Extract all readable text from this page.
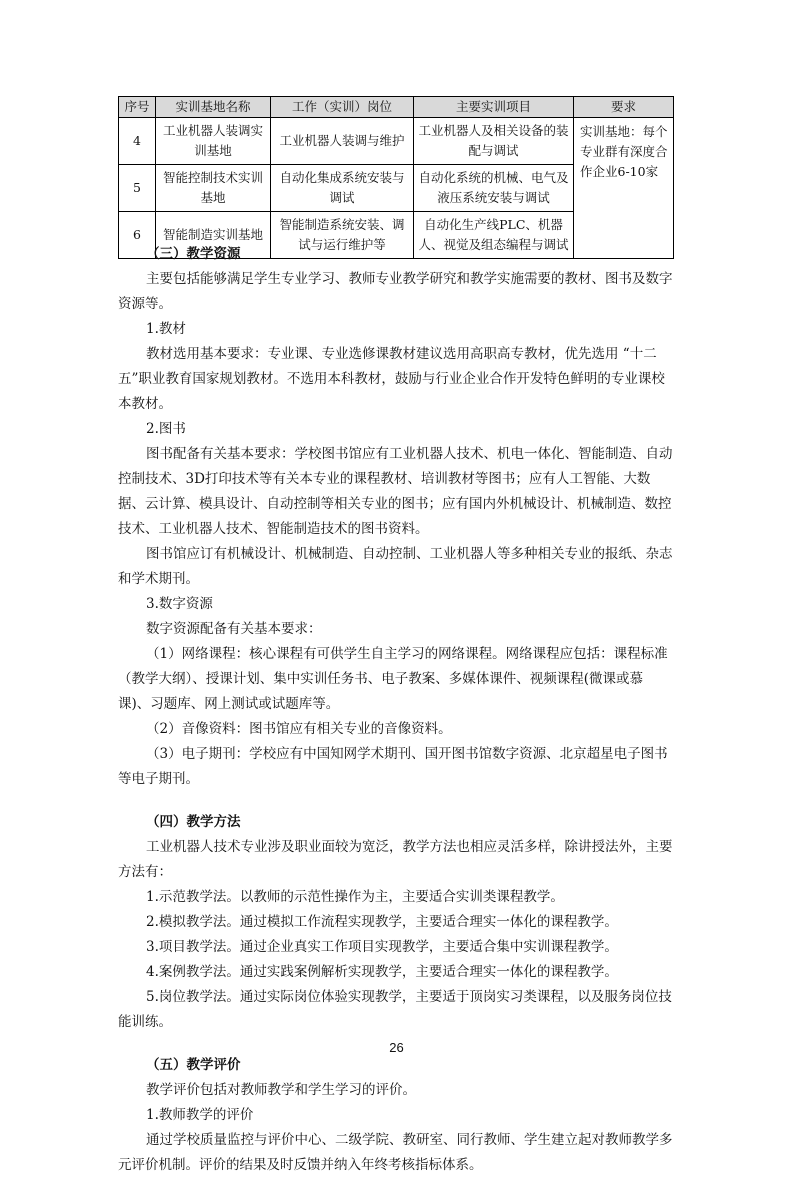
序号	实训基地名称	工作（实训）岗位	主要实训项目	要求
4	工业机器人装调实训基地	工业机器人装调与维护	工业机器人及相关设备的装配与调试	实训基地：每个专业群有深度合作企业6-10家
5	智能控制技术实训基地	自动化集成系统安装与调试	自动化系统的机械、电气及液压系统安装与调试	
6	智能制造实训基地	智能制造系统安装、调试与运行维护等	自动化生产线PLC、机器人、视觉及组态编程与调试	

（三）教学资源

主要包括能够满足学生专业学习、教师专业教学研究和教学实施需要的教材、图书及数字资源等。

1.教材

教材选用基本要求：专业课、专业选修课教材建议选用高职高专教材，优先选用 “十二五”职业教育国家规划教材。不选用本科教材，鼓励与行业企业合作开发特色鲜明的专业课校本教材。

2.图书

图书配备有关基本要求：学校图书馆应有工业机器人技术、机电一体化、智能制造、自动控制技术、3D打印技术等有关本专业的课程教材、培训教材等图书；应有人工智能、大数据、云计算、模具设计、自动控制等相关专业的图书；应有国内外机械设计、机械制造、数控技术、工业机器人技术、智能制造技术的图书资料。

图书馆应订有机械设计、机械制造、自动控制、工业机器人等多种相关专业的报纸、杂志和学术期刊。

3.数字资源

数字资源配备有关基本要求：

（1）网络课程：核心课程有可供学生自主学习的网络课程。网络课程应包括：课程标准（教学大纲）、授课计划、集中实训任务书、电子教案、多媒体课件、视频课程(微课或慕课)、习题库、网上测试或试题库等。

（2）音像资料：图书馆应有相关专业的音像资料。

（3）电子期刊：学校应有中国知网学术期刊、国开图书馆数字资源、北京超星电子图书等电子期刊。

（四）教学方法

工业机器人技术专业涉及职业面较为宽泛，教学方法也相应灵活多样，除讲授法外，主要方法有：

1.示范教学法。以教师的示范性操作为主，主要适合实训类课程教学。

2.模拟教学法。通过模拟工作流程实现教学，主要适合理实一体化的课程教学。

3.项目教学法。通过企业真实工作项目实现教学，主要适合集中实训课程教学。

4.案例教学法。通过实践案例解析实现教学，主要适合理实一体化的课程教学。

5.岗位教学法。通过实际岗位体验实现教学，主要适于顶岗实习类课程，以及服务岗位技能训练。

（五）教学评价

教学评价包括对教师教学和学生学习的评价。

1.教师教学的评价

通过学校质量监控与评价中心、二级学院、教研室、同行教师、学生建立起对教师教学多元评价机制。评价的结果及时反馈并纳入年终考核指标体系。

26
